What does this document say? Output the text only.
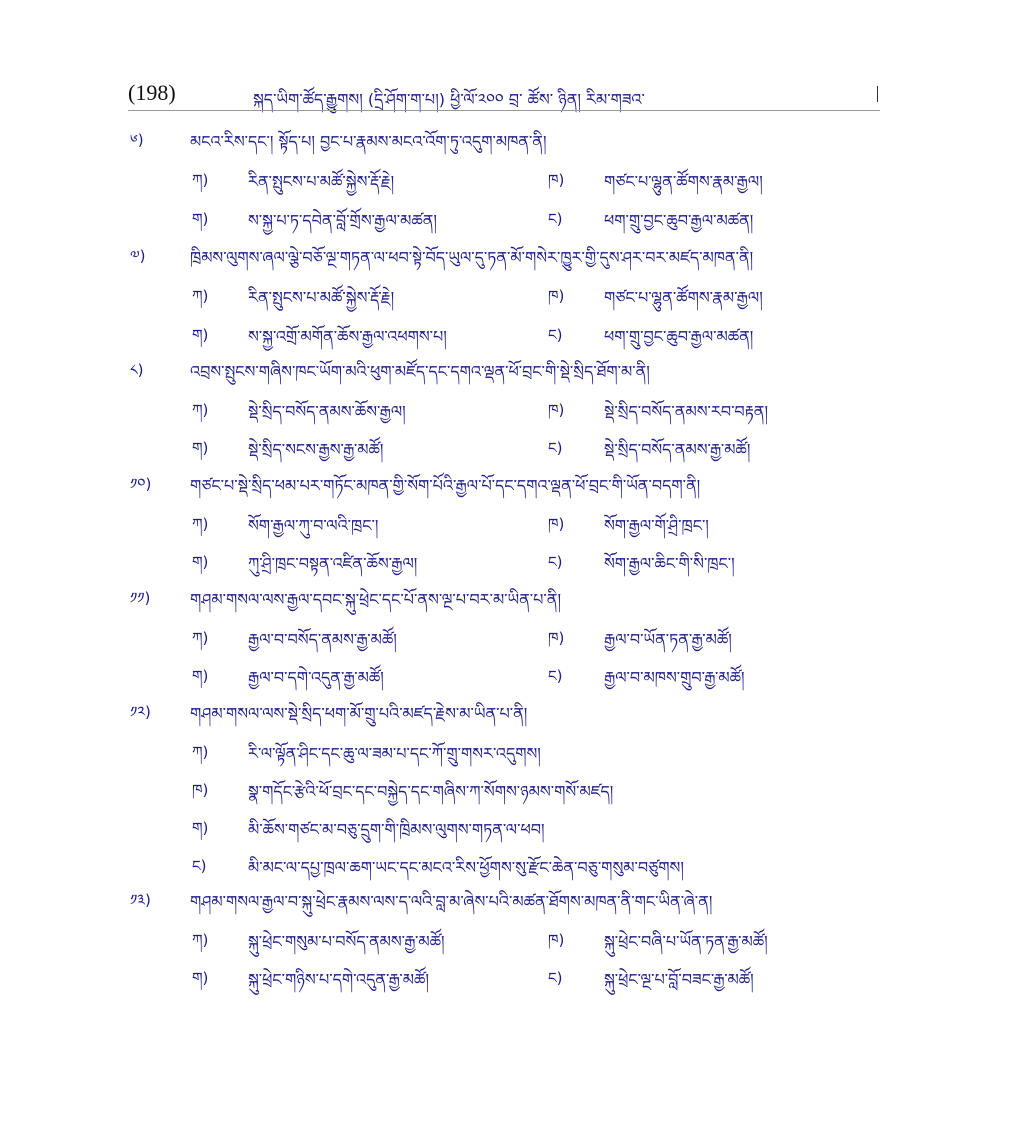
(198)	སྐད་ཡིག་ཚོད་རྒྱུགས། (དྲི་ཤོག་ག་པ།) ཕྱི་ལོ་༢༠༠ བྲ་ ཚོས་ ཉིན། རིམ་གཟའ་
༦)	མངའ་རིས་དང་། སྟོད་པ། བྱང་པ་རྣམས་མངའ་འོག་ཏུ་འདུག་མཁན་ནི།
ཀ) རིན་སྤུངས་པ་མཚོ་སྐྱེས་རྡོ་རྗེ།	ཁ) གཙང་པ་ལྷུན་ཚོགས་རྣམ་རྒྱལ།
ག) ས་སྐྱ་པ་ཏ་དབེན་བློ་གྲོས་རྒྱལ་མཚན།	ང)	ཕག་གྲུ་བྱང་ཆུབ་རྒྱལ་མཚན།
༧)	ཁྲིམས་ལུགས་ཞལ་ལྕེ་བཅོ་ལྔ་གཏན་ལ་ཕབ་སྟེ་བོད་ཡུལ་དུ་ཏན་མོ་གསེར་ཁྱུར་གྱི་དུས་ཤར་བར་མཛད་མཁན་ནི།
ཀ) རིན་སྤུངས་པ་མཚོ་སྐྱེས་རྡོ་རྗེ།	ཁ) གཙང་པ་ལྷུན་ཚོགས་རྣམ་རྒྱལ།
ག) ས་སྐྱ་འགྲོ་མགོན་ཆོས་རྒྱལ་འཕགས་པ།	ང)	ཕག་གྲུ་བྱང་ཆུབ་རྒྱལ་མཚན།
༨)	འབྲས་སྤུངས་གཞིས་ཁང་ཡོག་མའི་ཕུག་མཛོད་དང་དགའ་ལྡན་ཕོ་བྲང་གི་སྡེ་སྲིད་ཐོག་མ་ནི།
ཀ) སྡེ་སྲིད་བསོད་ནམས་ཆོས་རྒྱལ།	ཁ) སྡེ་སྲིད་བསོད་ནམས་རབ་བརྟན།
ག) སྡེ་སྲིད་སངས་རྒྱས་རྒྱ་མཚོ།	ང)	སྡེ་སྲིད་བསོད་ནམས་རྒྱ་མཚོ།
༡༠)	གཙང་པ་སྡེ་སྲིད་ཕམ་པར་གཏོང་མཁན་གྱི་སོག་པོའི་རྒྱལ་པོ་དང་དགའ་ལྡན་ཕོ་བྲང་གི་ཡོན་བདག་ནི།
ཀ) སོག་རྒྱལ་ཀུ་བ་ལའི་ཁྲང་།	ཁ) སོག་རྒྱལ་གོ་ཤྲི་ཁྲང་།
ག) ཀུ་ཤྲི་ཁྲང་བསྟན་འཛིན་ཆོས་རྒྱལ།	ང)	སོག་རྒྱལ་ཆིང་གི་སི་ཁྲང་།
༡༡)	གཤམ་གསལ་ལས་རྒྱལ་དབང་སྐུ་ཕྲེང་དང་པོ་ནས་ལྔ་པ་བར་མ་ཡིན་པ་ནི།
ཀ) རྒྱལ་བ་བསོད་ནམས་རྒྱ་མཚོ།	ཁ) རྒྱལ་བ་ཡོན་ཏན་རྒྱ་མཚོ།
ག) རྒྱལ་བ་དགེ་འདུན་རྒྱ་མཚོ།	ང)	རྒྱལ་བ་མཁས་གྲུབ་རྒྱ་མཚོ།
༡༢)	གཤམ་གསལ་ལས་སྡེ་སྲིད་ཕག་མོ་གྲུ་པའི་མཛད་རྗེས་མ་ཡིན་པ་ནི།
ཀ) རི་ལ་ལྟོན་ཤིང་དང་ཆུ་ལ་ཟམ་པ་དང་ཀོ་གྲུ་གསར་འདུགས།
ཁ) སྣ་གདོང་རྩེའི་ཕོ་བྲང་དང་བསྐྱེད་དང་གཞིས་ཀ་སོགས་ཉམས་གསོ་མཛད།
ག) མི་ཆོས་གཙང་མ་བཅུ་དྲུག་གི་ཁྲིམས་ལུགས་གཏན་ལ་ཕབ།
ང)	མི་མང་ལ་དཔྱ་ཁྲལ་ཆག་ཡང་དང་མངའ་རིས་ཕྱོགས་སུ་རྫོང་ཆེན་བཅུ་གསུམ་བཙུགས།
༡༣)	གཤམ་གསལ་རྒྱལ་བ་སྐུ་ཕྲེང་རྣམས་ལས་ད་ལའི་བླ་མ་ཞེས་པའི་མཚན་ཐོགས་མཁན་ནི་གང་ཡིན་ཞེ་ན།
ཀ) སྐུ་ཕྲེང་གསུམ་པ་བསོད་ནམས་རྒྱ་མཚོ།	ཁ) སྐུ་ཕྲེང་བཞི་པ་ཡོན་ཏན་རྒྱ་མཚོ།
ག) སྐུ་ཕྲེང་གཉིས་པ་དགེ་འདུན་རྒྱ་མཚོ།	ང)	སྐུ་ཕྲེང་ལྔ་པ་བློ་བཟང་རྒྱ་མཚོ།
